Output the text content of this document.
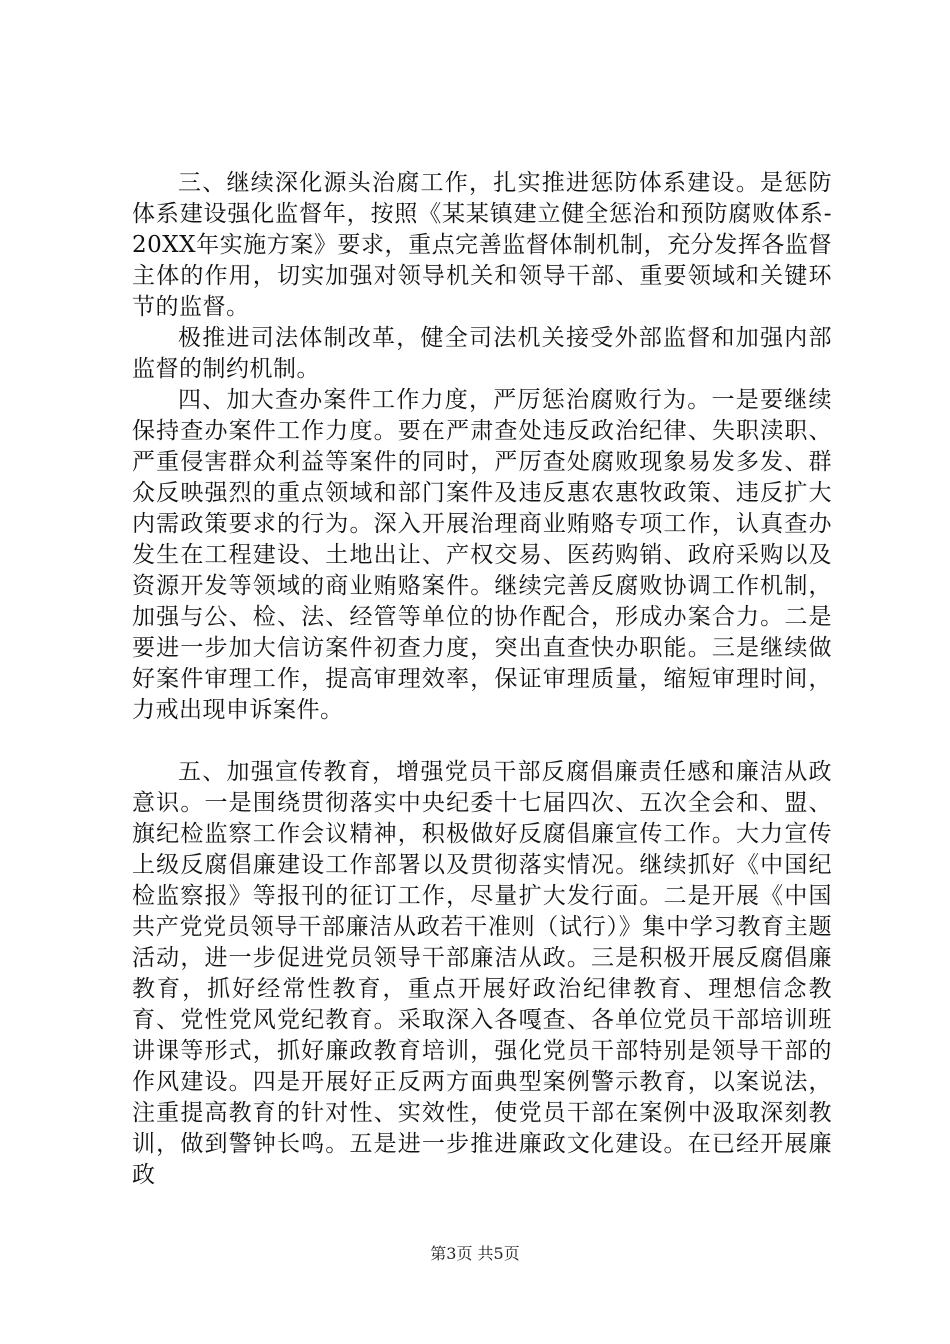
三、继续深化源头治腐工作，扎实推进惩防体系建设。是惩防体系建设强化监督年，按照《某某镇建立健全惩治和预防腐败体系-20XX年实施方案》要求，重点完善监督体制机制，充分发挥各监督主体的作用，切实加强对领导机关和领导干部、重要领域和关键环节的监督。

极推进司法体制改革，健全司法机关接受外部监督和加强内部监督的制约机制。

四、加大查办案件工作力度，严厉惩治腐败行为。一是要继续保持查办案件工作力度。要在严肃查处违反政治纪律、失职渎职、严重侵害群众利益等案件的同时，严厉查处腐败现象易发多发、群众反映强烈的重点领域和部门案件及违反惠农惠牧政策、违反扩大内需政策要求的行为。深入开展治理商业贿赂专项工作，认真查办发生在工程建设、土地出让、产权交易、医药购销、政府采购以及资源开发等领域的商业贿赂案件。继续完善反腐败协调工作机制，加强与公、检、法、经管等单位的协作配合，形成办案合力。二是要进一步加大信访案件初查力度，突出直查快办职能。三是继续做好案件审理工作，提高审理效率，保证审理质量，缩短审理时间，力戒出现申诉案件。

五、加强宣传教育，增强党员干部反腐倡廉责任感和廉洁从政意识。一是围绕贯彻落实中央纪委十七届四次、五次全会和、盟、旗纪检监察工作会议精神，积极做好反腐倡廉宣传工作。大力宣传上级反腐倡廉建设工作部署以及贯彻落实情况。继续抓好《中国纪检监察报》等报刊的征订工作，尽量扩大发行面。二是开展《中国共产党党员领导干部廉洁从政若干准则（试行）》集中学习教育主题活动，进一步促进党员领导干部廉洁从政。三是积极开展反腐倡廉教育，抓好经常性教育，重点开展好政治纪律教育、理想信念教育、党性党风党纪教育。采取深入各嘎查、各单位党员干部培训班讲课等形式，抓好廉政教育培训，强化党员干部特别是领导干部的作风建设。四是开展好正反两方面典型案例警示教育，以案说法，注重提高教育的针对性、实效性，使党员干部在案例中汲取深刻教训，做到警钟长鸣。五是进一步推进廉政文化建设。在已经开展廉政

第3页 共5页
